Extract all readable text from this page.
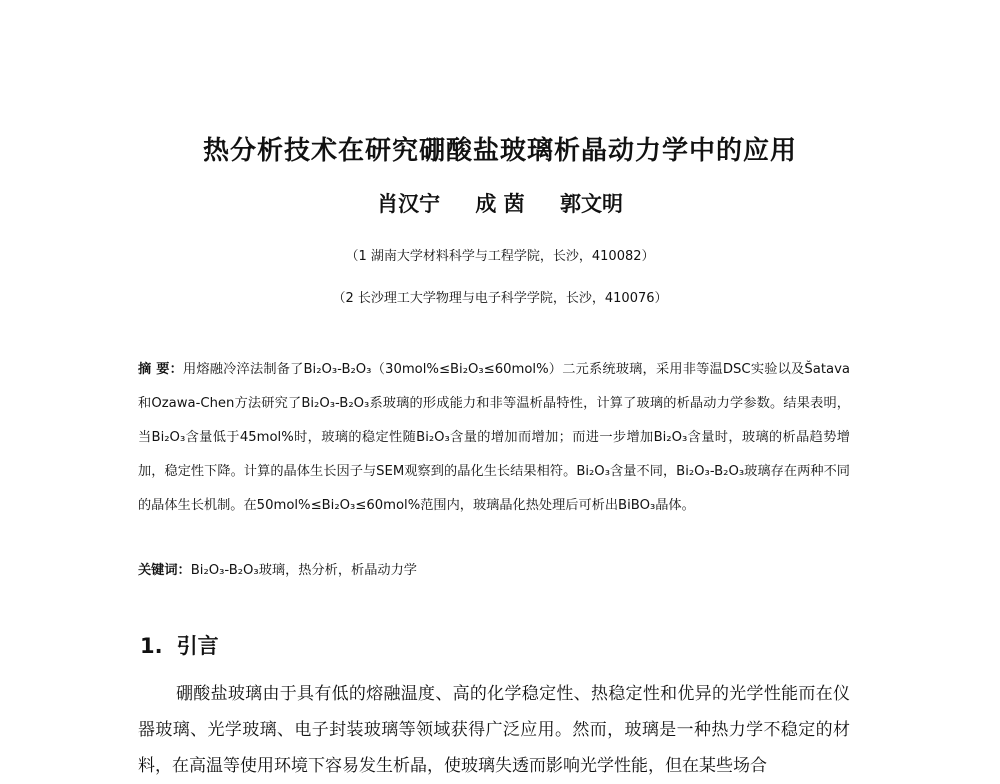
热分析技术在研究硼酸盐玻璃析晶动力学中的应用
肖汉宁 成 茵 郭文明
（1 湖南大学材料科学与工程学院，长沙，410082）
（2 长沙理工大学物理与电子科学学院，长沙，410076）

摘 要：用熔融冷淬法制备了Bi₂O₃-B₂O₃（30mol%≤Bi₂O₃≤60mol%）二元系统玻璃，采用非等温DSC实验以及Šatava和Ozawa-Chen方法研究了Bi₂O₃-B₂O₃系玻璃的形成能力和非等温析晶特性，计算了玻璃的析晶动力学参数。结果表明，当Bi₂O₃含量低于45mol%时，玻璃的稳定性随Bi₂O₃含量的增加而增加；而进一步增加Bi₂O₃含量时，玻璃的析晶趋势增加，稳定性下降。计算的晶体生长因子与SEM观察到的晶化生长结果相符。Bi₂O₃含量不同，Bi₂O₃-B₂O₃玻璃存在两种不同的晶体生长机制。在50mol%≤Bi₂O₃≤60mol%范围内，玻璃晶化热处理后可析出BiBO₃晶体。

关键词：Bi₂O₃-B₂O₃玻璃，热分析，析晶动力学
1. 引言

硼酸盐玻璃由于具有低的熔融温度、高的化学稳定性、热稳定性和优异的光学性能而在仪器玻璃、光学玻璃、电子封装玻璃等领域获得广泛应用。然而，玻璃是一种热力学不稳定的材料，在高温等使用环境下容易发生析晶，使玻璃失透而影响光学性能，但在某些场合
